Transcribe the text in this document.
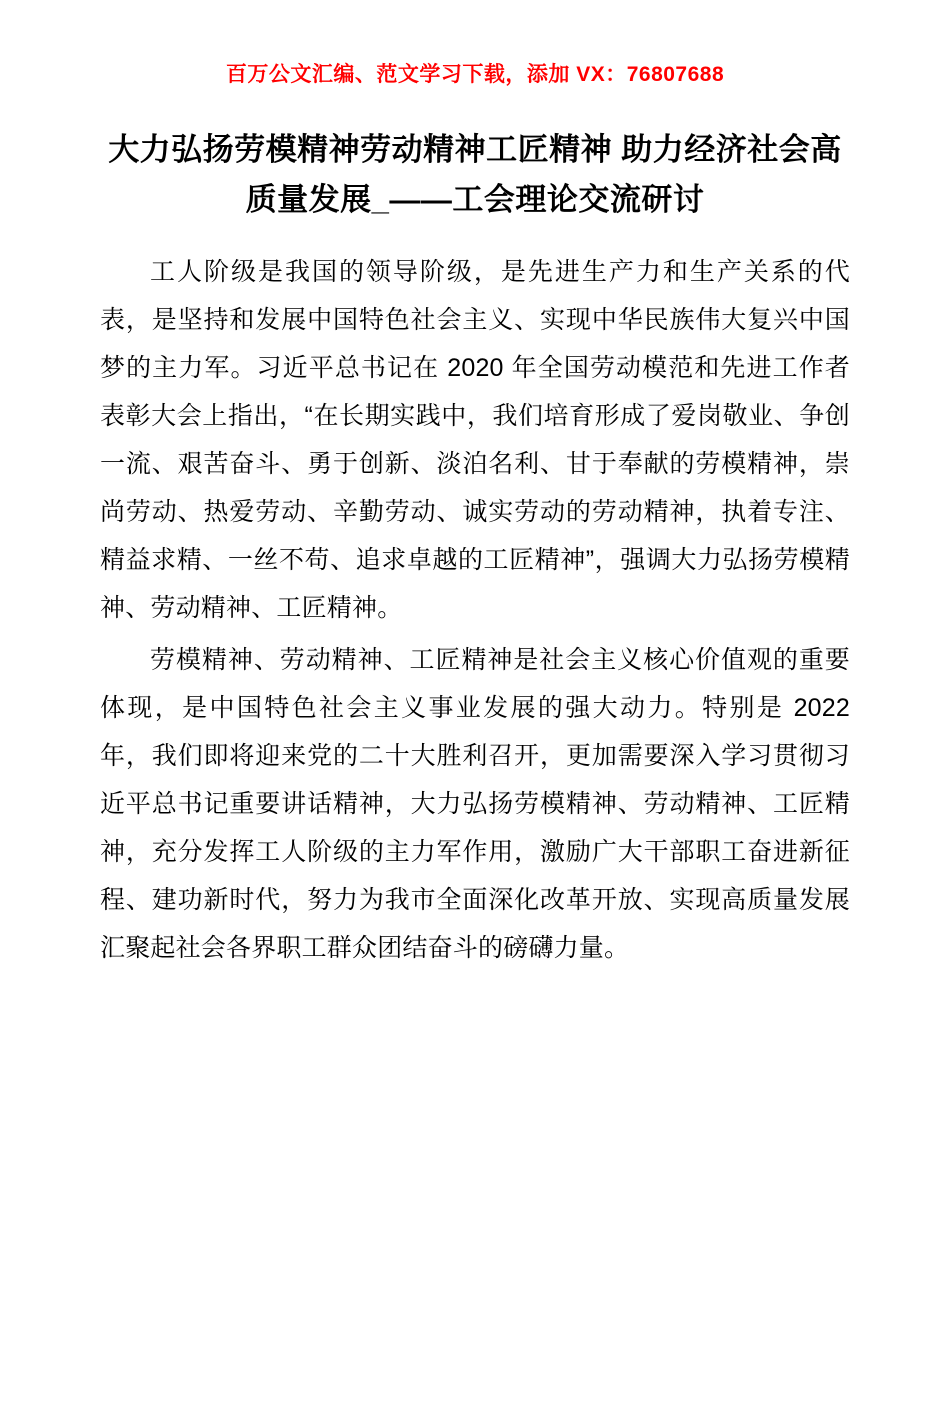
百万公文汇编、范文学习下载，添加 VX：76807688
大力弘扬劳模精神劳动精神工匠精神 助力经济社会高质量发展_——工会理论交流研讨

工人阶级是我国的领导阶级，是先进生产力和生产关系的代表，是坚持和发展中国特色社会主义、实现中华民族伟大复兴中国梦的主力军。习近平总书记在 2020 年全国劳动模范和先进工作者表彰大会上指出，“在长期实践中，我们培育形成了爱岗敬业、争创一流、艰苦奋斗、勇于创新、淡泊名利、甘于奉献的劳模精神，崇尚劳动、热爱劳动、辛勤劳动、诚实劳动的劳动精神，执着专注、精益求精、一丝不苟、追求卓越的工匠精神”，强调大力弘扬劳模精神、劳动精神、工匠精神。

劳模精神、劳动精神、工匠精神是社会主义核心价值观的重要体现，是中国特色社会主义事业发展的强大动力。特别是 2022 年，我们即将迎来党的二十大胜利召开，更加需要深入学习贯彻习近平总书记重要讲话精神，大力弘扬劳模精神、劳动精神、工匠精神，充分发挥工人阶级的主力军作用，激励广大干部职工奋进新征程、建功新时代，努力为我市全面深化改革开放、实现高质量发展汇聚起社会各界职工群众团结奋斗的磅礴力量。
